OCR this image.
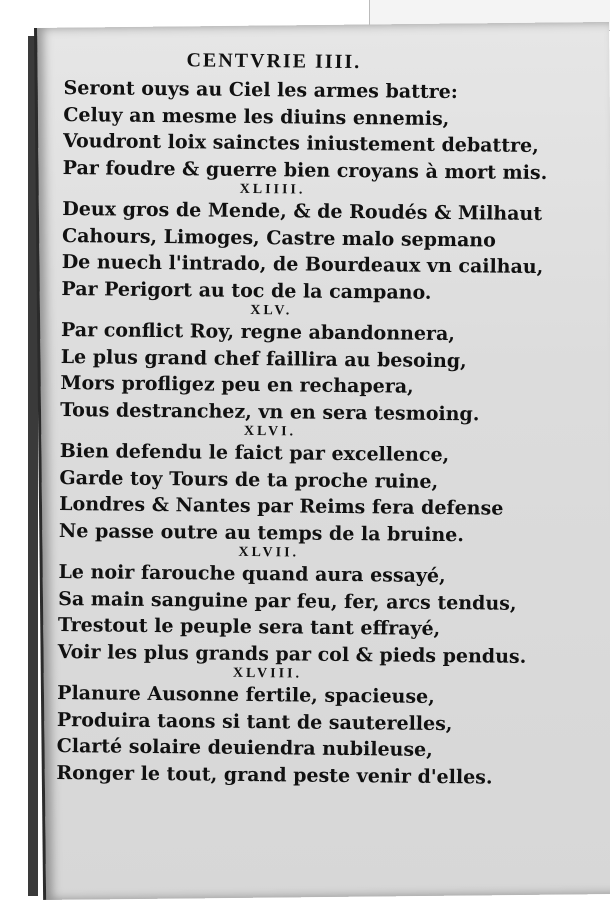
CENTVRIE IIII.
Seront ouys au Ciel les armes battre:
Celuy an mesme les diuins ennemis,
Voudront loix sainctes iniustement debattre,
Par foudre & guerre bien croyans à mort mis.
XLIIII.
Deux gros de Mende, & de Roudés & Milhaut
Cahours, Limoges, Castre malo sepmano
De nuech l'intrado, de Bourdeaux vn cailhau,
Par Perigort au toc de la campano.
XLV.
Par conflict Roy, regne abandonnera,
Le plus grand chef faillira au besoing,
Mors profligez peu en rechapera,
Tous destranchez, vn en sera tesmoing.
XLVI.
Bien defendu le faict par excellence,
Garde toy Tours de ta proche ruine,
Londres & Nantes par Reims fera defense
Ne passe outre au temps de la bruine.
XLVII.
Le noir farouche quand aura essayé,
Sa main sanguine par feu, fer, arcs tendus,
Trestout le peuple sera tant effrayé,
Voir les plus grands par col & pieds pendus.
XLVIII.
Planure Ausonne fertile, spacieuse,
Produira taons si tant de sauterelles,
Clarté solaire deuiendra nubileuse,
Ronger le tout, grand peste venir d'elles.
